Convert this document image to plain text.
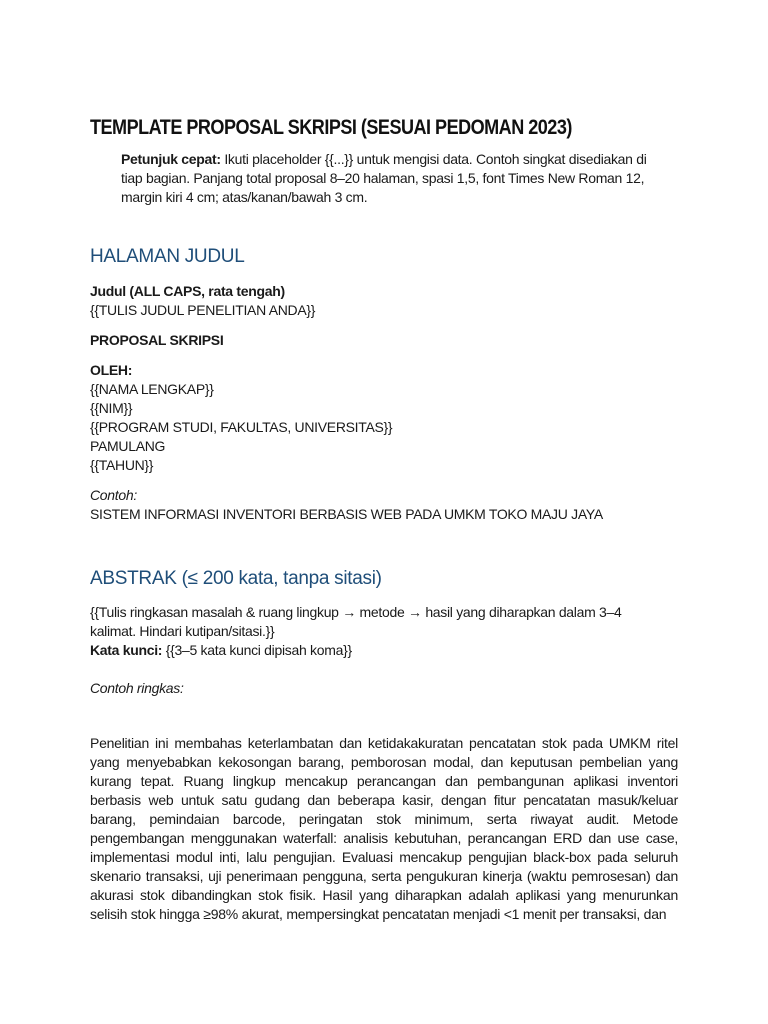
TEMPLATE PROPOSAL SKRIPSI (SESUAI PEDOMAN 2023)
Petunjuk cepat: Ikuti placeholder {{...}} untuk mengisi data. Contoh singkat disediakan di tiap bagian. Panjang total proposal 8–20 halaman, spasi 1,5, font Times New Roman 12, margin kiri 4 cm; atas/kanan/bawah 3 cm.
HALAMAN JUDUL
Judul (ALL CAPS, rata tengah)
{{TULIS JUDUL PENELITIAN ANDA}}
PROPOSAL SKRIPSI
OLEH:
{{NAMA LENGKAP}}
{{NIM}}
{{PROGRAM STUDI, FAKULTAS, UNIVERSITAS}}
PAMULANG
{{TAHUN}}
Contoh:
SISTEM INFORMASI INVENTORI BERBASIS WEB PADA UMKM TOKO MAJU JAYA
ABSTRAK (≤ 200 kata, tanpa sitasi)
{{Tulis ringkasan masalah & ruang lingkup → metode → hasil yang diharapkan dalam 3–4 kalimat. Hindari kutipan/sitasi.}}
Kata kunci: {{3–5 kata kunci dipisah koma}}
Contoh ringkas:
Penelitian ini membahas keterlambatan dan ketidakakuratan pencatatan stok pada UMKM ritel yang menyebabkan kekosongan barang, pemborosan modal, dan keputusan pembelian yang kurang tepat. Ruang lingkup mencakup perancangan dan pembangunan aplikasi inventori berbasis web untuk satu gudang dan beberapa kasir, dengan fitur pencatatan masuk/keluar barang, pemindaian barcode, peringatan stok minimum, serta riwayat audit. Metode pengembangan menggunakan waterfall: analisis kebutuhan, perancangan ERD dan use case, implementasi modul inti, lalu pengujian. Evaluasi mencakup pengujian black-box pada seluruh skenario transaksi, uji penerimaan pengguna, serta pengukuran kinerja (waktu pemrosesan) dan akurasi stok dibandingkan stok fisik. Hasil yang diharapkan adalah aplikasi yang menurunkan selisih stok hingga ≥98% akurat, mempersingkat pencatatan menjadi <1 menit per transaksi, dan
